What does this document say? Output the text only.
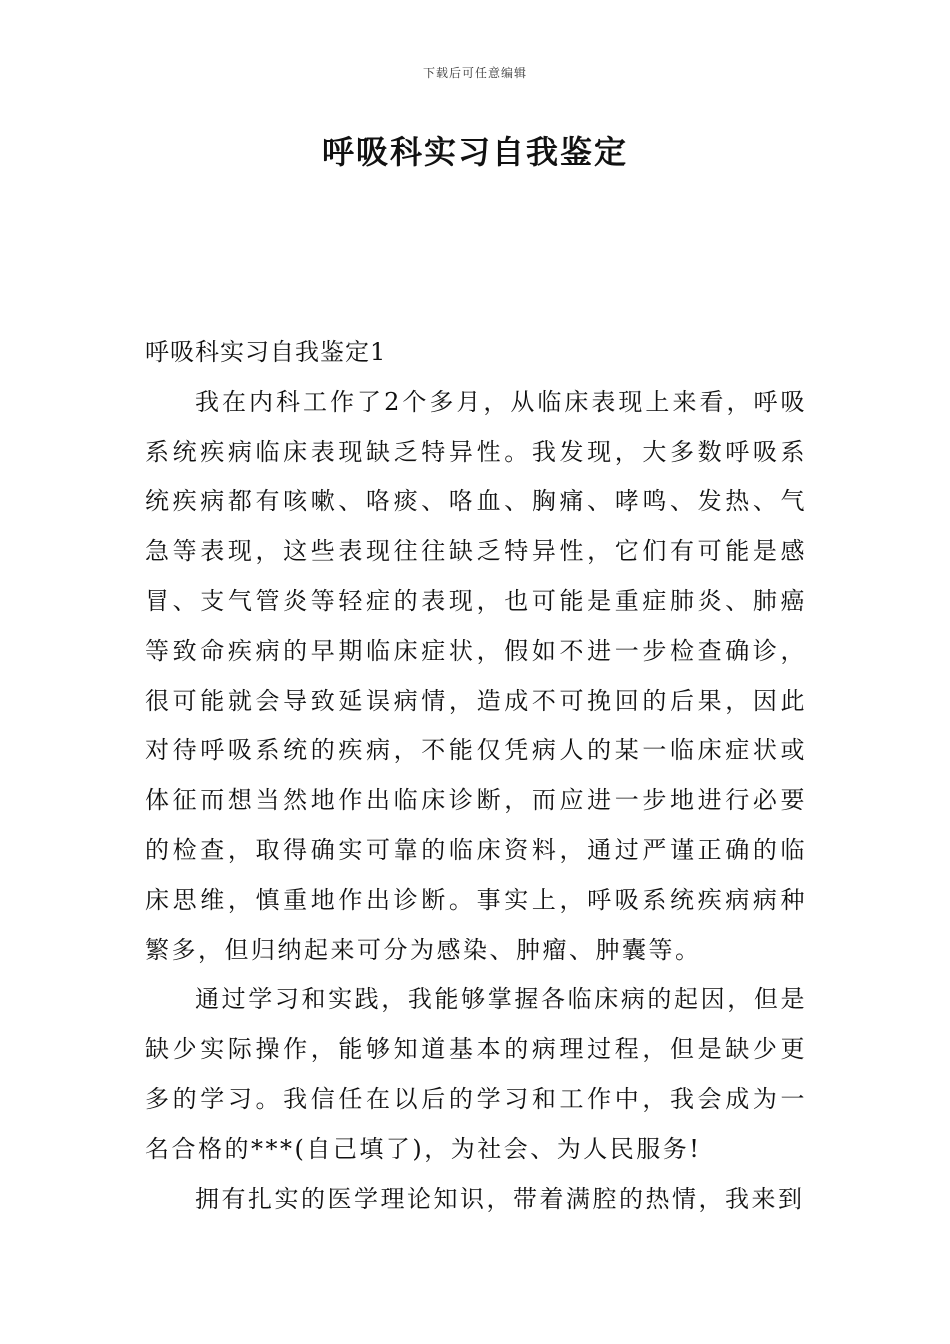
下载后可任意编辑
呼吸科实习自我鉴定

呼吸科实习自我鉴定1

我在内科工作了2个多月，从临床表现上来看，呼吸系统疾病临床表现缺乏特异性。我发现，大多数呼吸系统疾病都有咳嗽、咯痰、咯血、胸痛、哮鸣、发热、气急等表现，这些表现往往缺乏特异性，它们有可能是感冒、支气管炎等轻症的表现，也可能是重症肺炎、肺癌等致命疾病的早期临床症状，假如不进一步检查确诊，很可能就会导致延误病情，造成不可挽回的后果，因此对待呼吸系统的疾病，不能仅凭病人的某一临床症状或体征而想当然地作出临床诊断，而应进一步地进行必要的检查，取得确实可靠的临床资料，通过严谨正确的临床思维，慎重地作出诊断。事实上，呼吸系统疾病病种繁多，但归纳起来可分为感染、肿瘤、肿囊等。

通过学习和实践，我能够掌握各临床病的起因，但是缺少实际操作，能够知道基本的病理过程，但是缺少更多的学习。我信任在以后的学习和工作中，我会成为一名合格的***(自己填了)，为社会、为人民服务!

拥有扎实的医学理论知识，带着满腔的热情，我来到
